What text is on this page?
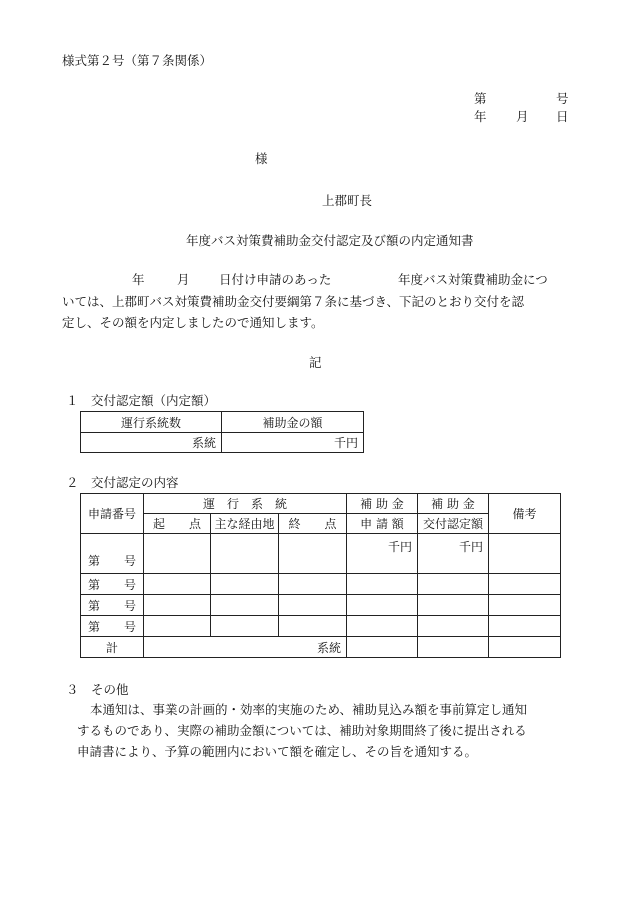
様式第２号（第７条関係）
第	号
年 月 日
様
上郡町長
年度バス対策費補助金交付認定及び額の内定通知書
年	月 日付け申請のあった	年度バス対策費補助金につ
いては、上郡町バス対策費補助金交付要綱第７条に基づき、下記のとおり交付を認
定し、その額を内定しましたので通知します。
記
１　交付認定額（内定額）
運行系統数	補助金の額
系統	千円
２　交付認定の内容
申請番号	運　行　系　統			補 助 金	補 助 金	備考
	起　　点	主な経由地	終　　点	申 請 額	交付認定額	
第　　 号				千円	千円	
第　　 号						
第　　 号						
第　　 号						
計	系統					
３　その他
本通知は、事業の計画的・効率的実施のため、補助見込み額を事前算定し通知
するものであり、実際の補助金額については、補助対象期間終了後に提出される
申請書により、予算の範囲内において額を確定し、その旨を通知する。
